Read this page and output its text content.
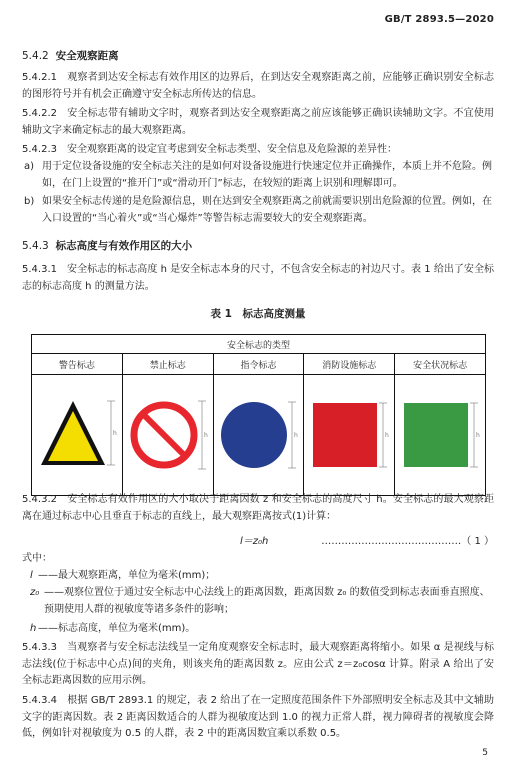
GB/T 2893.5—2020
5.4.2 安全观察距离
5.4.2.1　观察者到达安全标志有效作用区的边界后，在到达安全观察距离之前，应能够正确识别安全标志的图形符号并有机会正确遵守安全标志所传达的信息。
5.4.2.2　安全标志带有辅助文字时，观察者到达安全观察距离之前应该能够正确识读辅助文字。不宜使用辅助文字来确定标志的最大观察距离。
5.4.2.3　安全观察距离的设定宜考虑到安全标志类型、安全信息及危险源的差异性：
a) 用于定位设备设施的安全标志关注的是如何对设备设施进行快速定位并正确操作，本质上并不危险。例如，在门上设置的“推开门”或“滑动开门”标志，在较短的距离上识别和理解即可。
b) 如果安全标志传递的是危险源信息，则在达到安全观察距离之前就需要识别出危险源的位置。例如，在入口设置的“当心着火”或“当心爆炸”等警告标志需要较大的安全观察距离。
5.4.3 标志高度与有效作用区的大小
5.4.3.1　安全标志的标志高度 h 是安全标志本身的尺寸，不包含安全标志的衬边尺寸。表 1 给出了安全标志的标志高度 h 的测量方法。
表 1　标志高度测量
安全标志的类型				
警告标志	禁止标志	指令标志	消防设施标志	安全状况标志

h	h	h	h	h
5.4.3.2　安全标志有效作用区的大小取决于距离因数 z 和安全标志的高度尺寸 h。安全标志的最大观察距离在通过标志中心且垂直于标志的直线上，最大观察距离按式(1)计算：
l＝z₀h	……………………………………（ 1 ）
式中：
l ——最大观察距离，单位为毫米(mm)；
z₀ ——观察位置位于通过安全标志中心法线上的距离因数，距离因数 z₀ 的数值受到标志表面垂直照度、预期使用人群的视敏度等诸多条件的影响；
h ——标志高度，单位为毫米(mm)。
5.4.3.3　当观察者与安全标志法线呈一定角度观察安全标志时，最大观察距离将缩小。如果 α 是视线与标志法线(位于标志中心点)间的夹角，则该夹角的距离因数 z。应由公式 z＝z₀cosα 计算。附录 A 给出了安全标志距离因数的应用示例。
5.4.3.4　根据 GB/T 2893.1 的规定，表 2 给出了在一定照度范围条件下外部照明安全标志及其中文辅助文字的距离因数。表 2 距离因数适合的人群为视敏度达到 1.0 的视力正常人群，视力障碍者的视敏度会降低，例如针对视敏度为 0.5 的人群，表 2 中的距离因数宜乘以系数 0.5。
5
